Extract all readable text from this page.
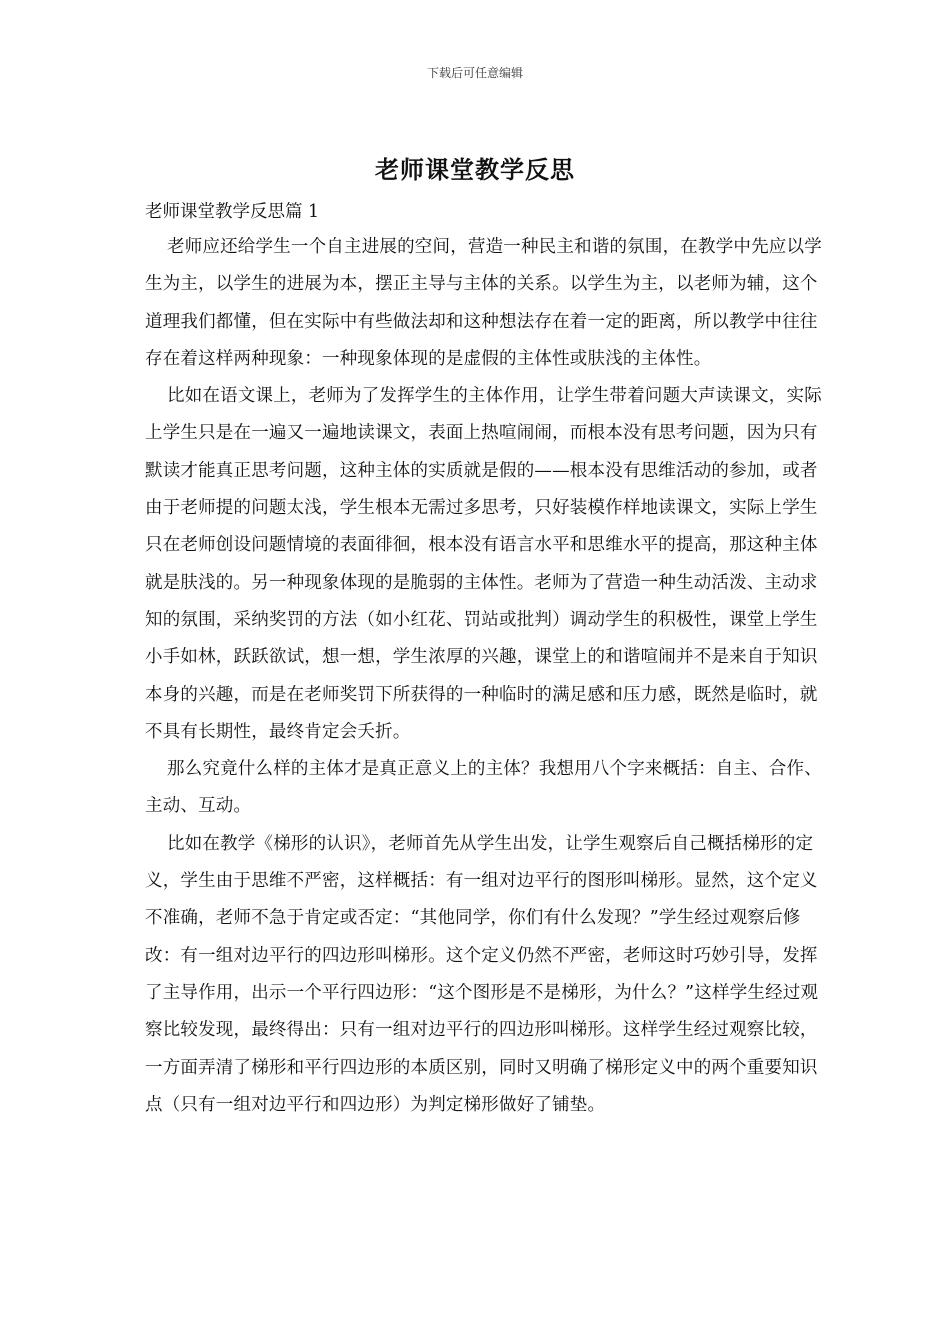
下载后可任意编辑
老师课堂教学反思

老师课堂教学反思篇 1

老师应还给学生一个自主进展的空间，营造一种民主和谐的氛围，在教学中先应以学生为主，以学生的进展为本，摆正主导与主体的关系。以学生为主，以老师为辅，这个道理我们都懂，但在实际中有些做法却和这种想法存在着一定的距离，所以教学中往往存在着这样两种现象：一种现象体现的是虚假的主体性或肤浅的主体性。

比如在语文课上，老师为了发挥学生的主体作用，让学生带着问题大声读课文，实际上学生只是在一遍又一遍地读课文，表面上热喧闹闹，而根本没有思考问题，因为只有默读才能真正思考问题，这种主体的实质就是假的——根本没有思维活动的参加，或者由于老师提的问题太浅，学生根本无需过多思考，只好装模作样地读课文，实际上学生只在老师创设问题情境的表面徘徊，根本没有语言水平和思维水平的提高，那这种主体就是肤浅的。另一种现象体现的是脆弱的主体性。老师为了营造一种生动活泼、主动求知的氛围，采纳奖罚的方法（如小红花、罚站或批判）调动学生的积极性，课堂上学生小手如林，跃跃欲试，想一想，学生浓厚的兴趣，课堂上的和谐喧闹并不是来自于知识本身的兴趣，而是在老师奖罚下所获得的一种临时的满足感和压力感，既然是临时，就不具有长期性，最终肯定会夭折。

那么究竟什么样的主体才是真正意义上的主体？我想用八个字来概括：自主、合作、主动、互动。

比如在教学《梯形的认识》，老师首先从学生出发，让学生观察后自己概括梯形的定义，学生由于思维不严密，这样概括：有一组对边平行的图形叫梯形。显然，这个定义不准确，老师不急于肯定或否定：“其他同学，你们有什么发现？”学生经过观察后修改：有一组对边平行的四边形叫梯形。这个定义仍然不严密，老师这时巧妙引导，发挥了主导作用，出示一个平行四边形：“这个图形是不是梯形，为什么？”这样学生经过观察比较发现，最终得出：只有一组对边平行的四边形叫梯形。这样学生经过观察比较，一方面弄清了梯形和平行四边形的本质区别，同时又明确了梯形定义中的两个重要知识点（只有一组对边平行和四边形）为判定梯形做好了铺垫。
